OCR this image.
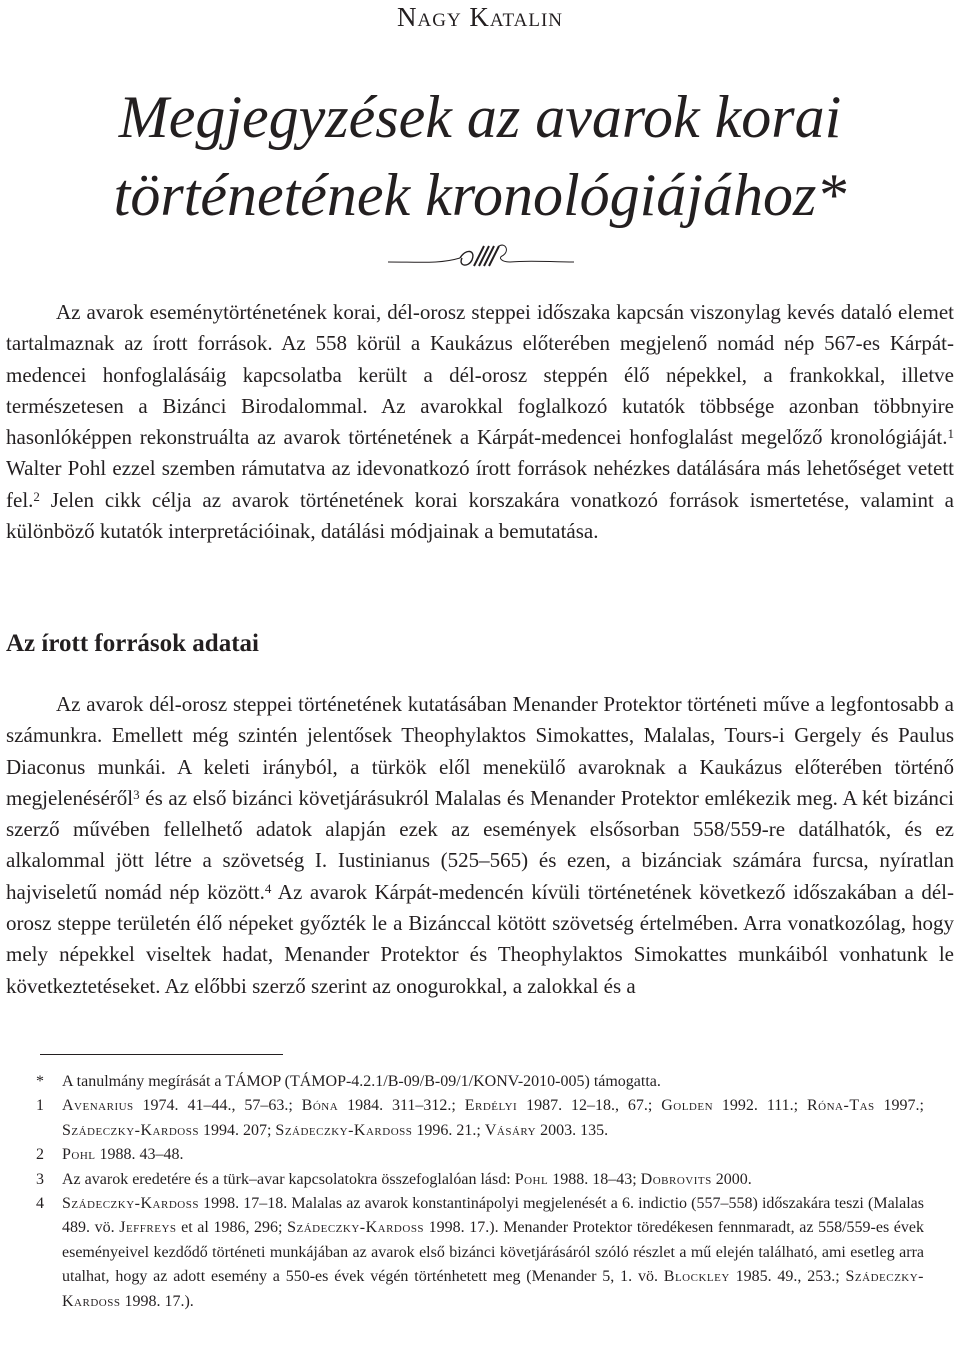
Nagy Katalin
Megjegyzések az avarok korai
történetének kronológiájához*

Az avarok eseménytörténetének korai, dél-orosz steppei időszaka kapcsán viszonylag kevés dataló elemet tartalmaznak az írott források. Az 558 körül a Kaukázus előterében megjelenő nomád nép 567-es Kárpát-medencei honfoglalásáig kapcsolatba került a dél-orosz steppén élő népekkel, a frankokkal, illetve természetesen a Bizánci Birodalommal. Az avarokkal foglalkozó kutatók többsége azonban többnyire hasonlóképpen rekonstruálta az avarok történetének a Kárpát-medencei honfoglalást megelőző kronológiáját.$^1$ Walter Pohl ezzel szemben rámutatva az idevonatkozó írott források nehézkes datálására más lehetőséget vetett fel.$^2$ Jelen cikk célja az avarok történetének korai korszakára vonatkozó források ismertetése, valamint a különböző kutatók interpretációinak, datálási módjainak a bemutatása.

Az írott források adatai

Az avarok dél-orosz steppei történetének kutatásában Menander Protektor történeti műve a legfontosabb a számunkra. Emellett még szintén jelentősek Theophylaktos Simokattes, Malalas, Tours-i Gergely és Paulus Diaconus munkái. A keleti irányból, a türkök elől menekülő avaroknak a Kaukázus előterében történő megjelenéséről$^3$ és az első bizánci követjárásukról Malalas és Menander Protektor emlékezik meg. A két bizánci szerző művében fellelhető adatok alapján ezek az események elsősorban 558/559-re datálhatók, és ez alkalommal jött létre a szövetség I. Iustinianus (525–565) és ezen, a bizánciak számára furcsa, nyíratlan hajviseletű nomád nép között.$^4$ Az avarok Kárpát-medencén kívüli történetének következő időszakában a dél-orosz steppe területén élő népeket győzték le a Bizánccal kötött szövetség értelmében. Arra vonatkozólag, hogy mely népekkel viseltek hadat, Menander Protektor és Theophylaktos Simokattes munkáiból vonhatunk le következtetéseket. Az előbbi szerző szerint az onogurokkal, a zalokkal és a

*	A tanulmány megírását a TÁMOP (TÁMOP-4.2.1/B-09/B-09/1/KONV-2010-005) támogatta.
1	Avenarius 1974. 41–44., 57–63.; Bóna 1984. 311–312.; Erdélyi 1987. 12–18., 67.; Golden 1992. 111.; Róna-Tas 1997.; Szádeczky-Kardoss 1994. 207; Szádeczky-Kardoss 1996. 21.; Vásáry 2003. 135.
2	Pohl 1988. 43–48.
3	Az avarok eredetére és a türk–avar kapcsolatokra összefoglalóan lásd: Pohl 1988. 18–43; Dobrovits 2000.
4	Szádeczky-Kardoss 1998. 17–18. Malalas az avarok konstantinápolyi megjelenését a 6. indictio (557–558) időszakára teszi (Malalas 489. vö. Jeffreys et al 1986, 296; Szádeczky-Kardoss 1998. 17.). Menander Protektor töredékesen fennmaradt, az 558/559-es évek eseményeivel kezdődő történeti munkájában az avarok első bizánci követjárásáról szóló részlet a mű elején található, ami esetleg arra utalhat, hogy az adott esemény a 550-es évek végén történhetett meg (Menander 5, 1. vö. Blockley 1985. 49., 253.; Szádeczky-Kardoss 1998. 17.).
